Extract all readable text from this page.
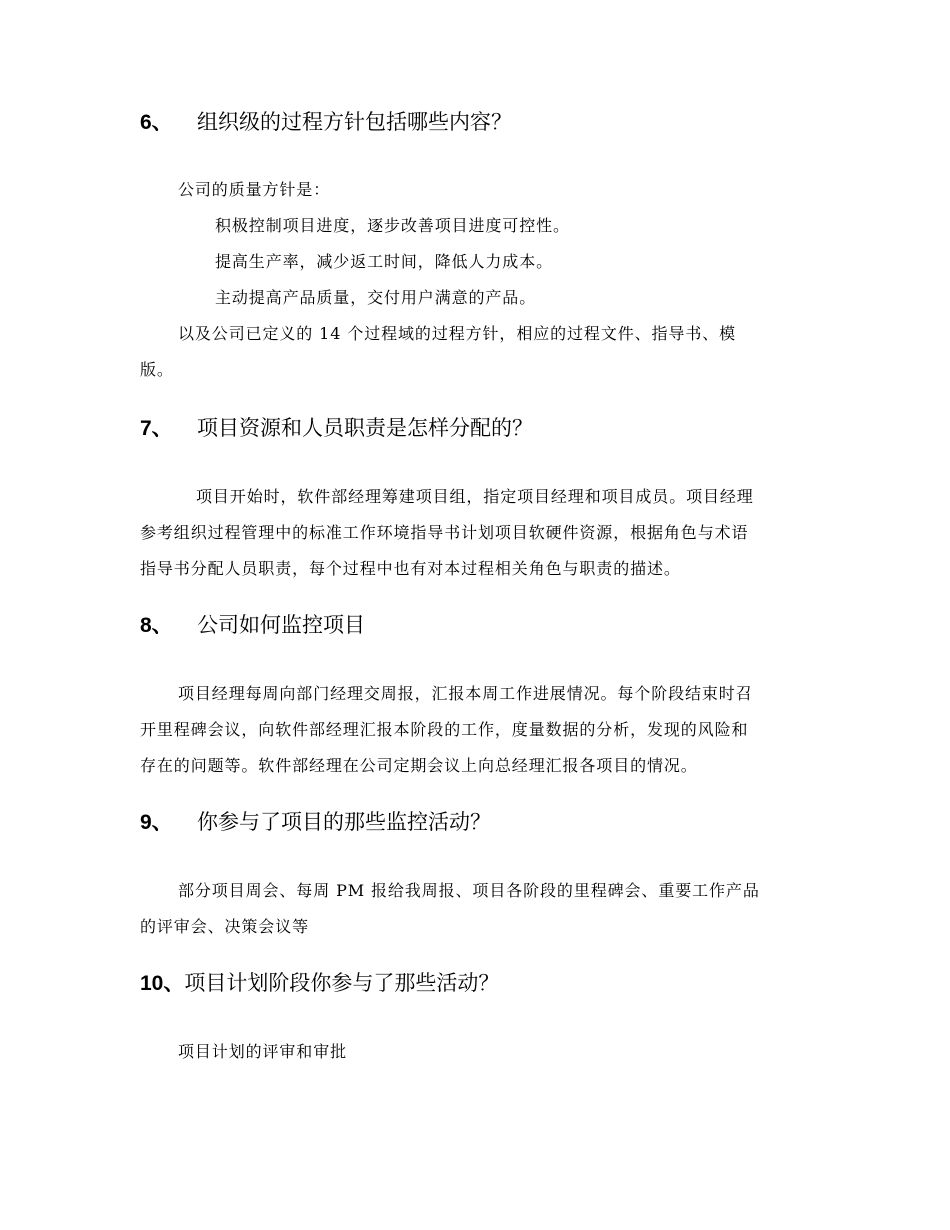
6、 组织级的过程方针包括哪些内容？

公司的质量方针是：
积极控制项目进度，逐步改善项目进度可控性。
提高生产率，减少返工时间，降低人力成本。
主动提高产品质量，交付用户满意的产品。
以及公司已定义的 14 个过程域的过程方针，相应的过程文件、指导书、模
版。

7、 项目资源和人员职责是怎样分配的？

项目开始时，软件部经理筹建项目组，指定项目经理和项目成员。项目经理
参考组织过程管理中的标准工作环境指导书计划项目软硬件资源，根据角色与术语
指导书分配人员职责，每个过程中也有对本过程相关角色与职责的描述。

8、 公司如何监控项目

项目经理每周向部门经理交周报，汇报本周工作进展情况。每个阶段结束时召
开里程碑会议，向软件部经理汇报本阶段的工作，度量数据的分析，发现的风险和
存在的问题等。软件部经理在公司定期会议上向总经理汇报各项目的情况。

9、 你参与了项目的那些监控活动？

部分项目周会、每周 PM 报给我周报、项目各阶段的里程碑会、重要工作产品
的评审会、决策会议等

10、项目计划阶段你参与了那些活动？

项目计划的评审和审批
